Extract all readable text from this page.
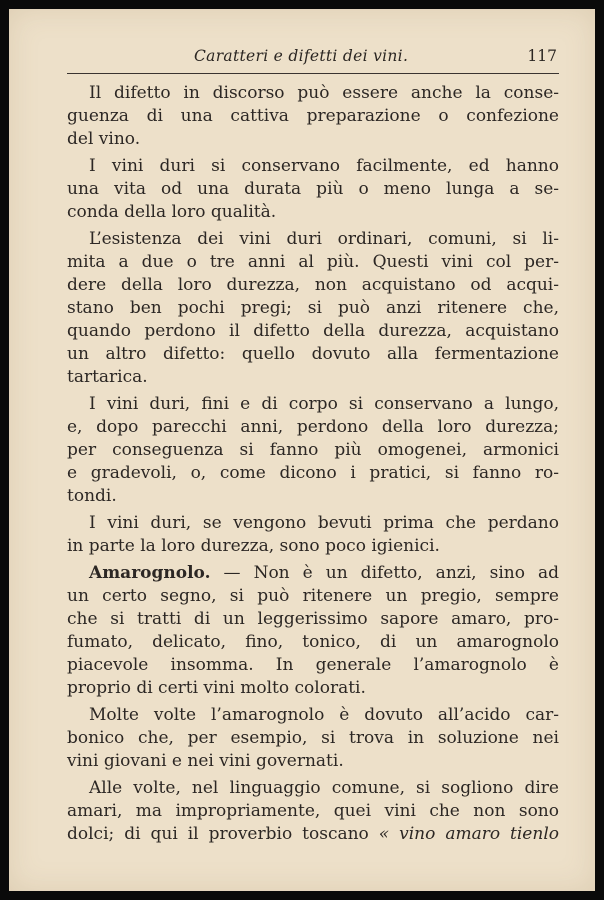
Caratteri e difetti dei vini.	117

Il difetto in discorso può essere anche la conse-
guenza di una cattiva preparazione o confezione
del vino.

I vini duri si conservano facilmente, ed hanno
una vita od una durata più o meno lunga a se-
conda della loro qualità.

L’esistenza dei vini duri ordinari, comuni, si li-
mita a due o tre anni al più. Questi vini col per-
dere della loro durezza, non acquistano od acqui-
stano ben pochi pregi; si può anzi ritenere che,
quando perdono il difetto della durezza, acquistano
un altro difetto: quello dovuto alla fermentazione
tartarica.

I vini duri, fini e di corpo si conservano a lungo,
e, dopo parecchi anni, perdono della loro durezza;
per conseguenza si fanno più omogenei, armonici
e gradevoli, o, come dicono i pratici, si fanno ro-
tondi.

I vini duri, se vengono bevuti prima che perdano
in parte la loro durezza, sono poco igienici.

Amarognolo. — Non è un difetto, anzi, sino ad
un certo segno, si può ritenere un pregio, sempre
che si tratti di un leggerissimo sapore amaro, pro-
fumato, delicato, fino, tonico, di un amarognolo
piacevole insomma. In generale l’amarognolo è
proprio di certi vini molto colorati.

Molte volte l’amarognolo è dovuto all’acido car-
bonico che, per esempio, si trova in soluzione nei
vini giovani e nei vini governati.

Alle volte, nel linguaggio comune, si sogliono dire
amari, ma impropriamente, quei vini che non sono
dolci; di qui il proverbio toscano « vino amaro tienlo
